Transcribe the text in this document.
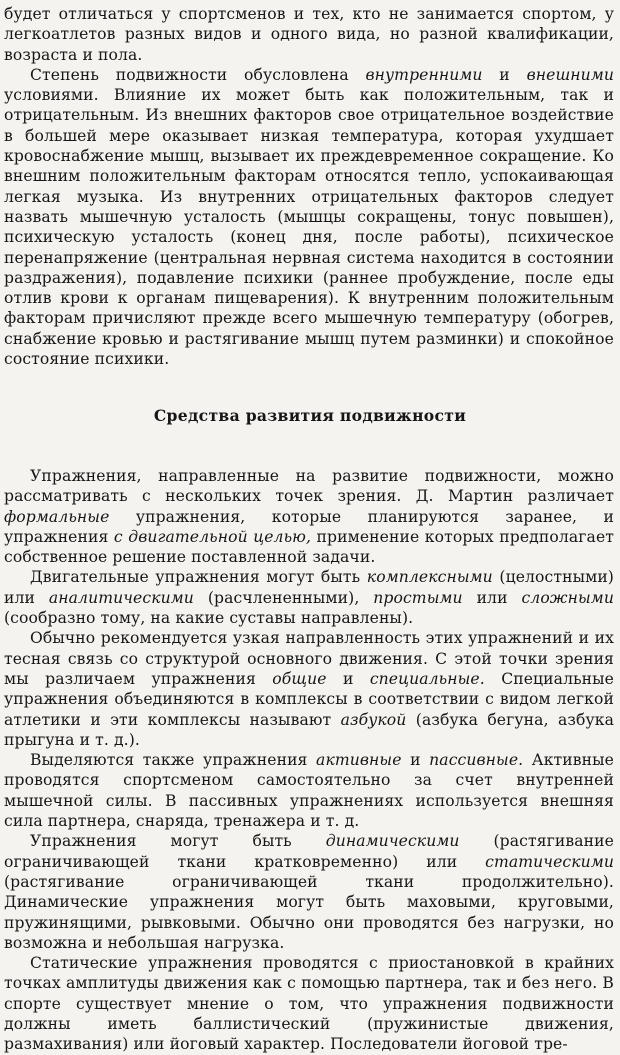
будет отличаться у спортсменов и тех, кто не занимается спортом, у легкоатлетов разных видов и одного вида, но разной квалификации, возраста и пола.

Степень подвижности обусловлена внутренними и внешними условиями. Влияние их может быть как положительным, так и отрицательным. Из внешних факторов свое отрицательное воздействие в большей мере оказывает низкая температура, которая ухудшает кровоснабжение мышц, вызывает их преждевременное сокращение. Ко внешним положительным факторам относятся тепло, успокаивающая легкая музыка. Из внутренних отрицательных факторов следует назвать мышечную усталость (мышцы сокращены, тонус повышен), психическую усталость (конец дня, после работы), психическое перенапряжение (центральная нервная система находится в состоянии раздражения), подавление психики (раннее пробуждение, после еды отлив крови к органам пищеварения). К внутренним положительным факторам причисляют прежде всего мышечную температуру (обогрев, снабжение кровью и растягивание мышц путем разминки) и спокойное состояние психики.

Средства развития подвижности

Упражнения, направленные на развитие подвижности, можно рассматривать с нескольких точек зрения. Д. Мартин различает формальные упражнения, которые планируются заранее, и упражнения с двигательной целью, применение которых предполагает собственное решение поставленной задачи.

Двигательные упражнения могут быть комплексными (целостными) или аналитическими (расчлененными), простыми или сложными (сообразно тому, на какие суставы направлены).

Обычно рекомендуется узкая направленность этих упражнений и их тесная связь со структурой основного движения. С этой точки зрения мы различаем упражнения общие и специальные. Специальные упражнения объединяются в комплексы в соответствии с видом легкой атлетики и эти комплексы называют азбукой (азбука бегуна, азбука прыгуна и т. д.).

Выделяются также упражнения активные и пассивные. Активные проводятся спортсменом самостоятельно за счет внутренней мышечной силы. В пассивных упражнениях используется внешняя сила партнера, снаряда, тренажера и т. д.

Упражнения могут быть динамическими (растягивание ограничивающей ткани кратковременно) или статическими (растягивание ограничивающей ткани продолжительно). Динамические упражнения могут быть маховыми, круговыми, пружинящими, рывковыми. Обычно они проводятся без нагрузки, но возможна и небольшая нагрузка.

Статические упражнения проводятся с приостановкой в крайних точках амплитуды движения как с помощью партнера, так и без него. В спорте существует мнение о том, что упражнения подвижности должны иметь баллистический (пружинистые движения, размахивания) или йоговый характер. Последователи йоговой тре-
